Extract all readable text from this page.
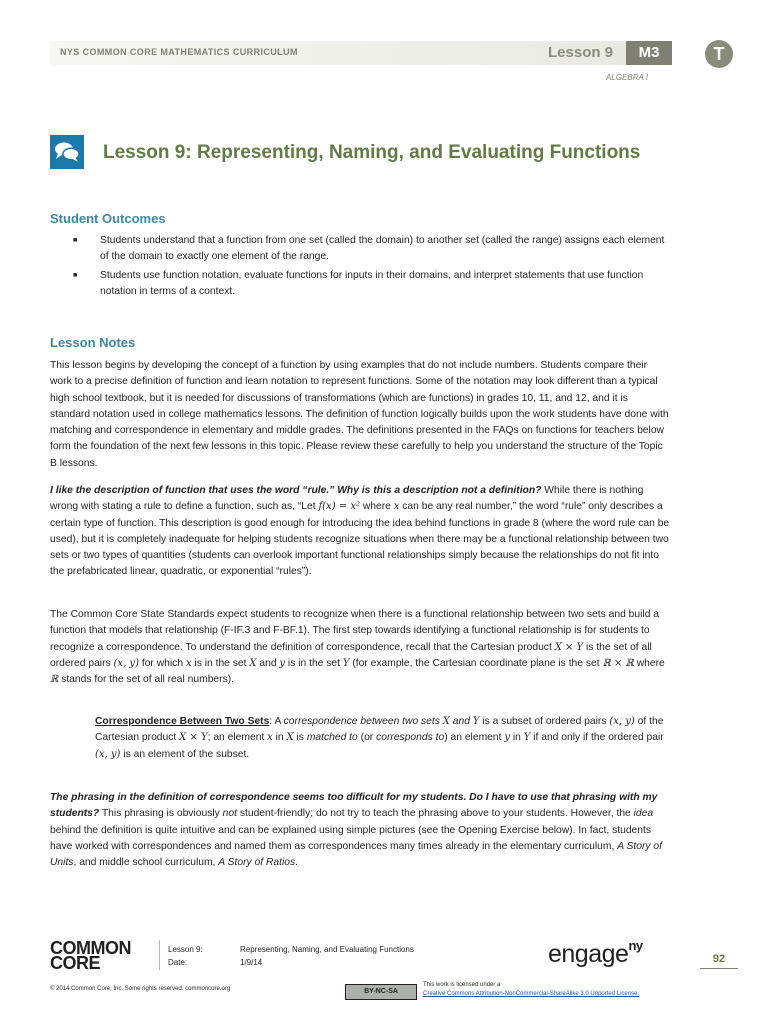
NYS COMMON CORE MATHEMATICS CURRICULUM	Lesson 9	M3	T
ALGEBRA I
Lesson 9: Representing, Naming, and Evaluating Functions
Student Outcomes
■ Students understand that a function from one set (called the domain) to another set (called the range) assigns each element of the domain to exactly one element of the range.
■ Students use function notation, evaluate functions for inputs in their domains, and interpret statements that use function notation in terms of a context.
Lesson Notes
This lesson begins by developing the concept of a function by using examples that do not include numbers. Students compare their work to a precise definition of function and learn notation to represent functions. Some of the notation may look different than a typical high school textbook, but it is needed for discussions of transformations (which are functions) in grades 10, 11, and 12, and it is standard notation used in college mathematics lessons. The definition of function logically builds upon the work students have done with matching and correspondence in elementary and middle grades. The definitions presented in the FAQs on functions for teachers below form the foundation of the next few lessons in this topic. Please review these carefully to help you understand the structure of the Topic B lessons.
I like the description of function that uses the word “rule.” Why is this a description not a definition? While there is nothing wrong with stating a rule to define a function, such as, “Let f(x) = x² where x can be any real number,” the word “rule” only describes a certain type of function. This description is good enough for introducing the idea behind functions in grade 8 (where the word rule can be used), but it is completely inadequate for helping students recognize situations when there may be a functional relationship between two sets or two types of quantities (students can overlook important functional relationships simply because the relationships do not fit into the prefabricated linear, quadratic, or exponential “rules”).
The Common Core State Standards expect students to recognize when there is a functional relationship between two sets and build a function that models that relationship (F-IF.3 and F-BF.1). The first step towards identifying a functional relationship is for students to recognize a correspondence. To understand the definition of correspondence, recall that the Cartesian product X × Y is the set of all ordered pairs (x, y) for which x is in the set X and y is in the set Y (for example, the Cartesian coordinate plane is the set ℝ × ℝ where ℝ stands for the set of all real numbers).
Correspondence Between Two Sets: A correspondence between two sets X and Y is a subset of ordered pairs (x, y) of the Cartesian product X × Y; an element x in X is matched to (or corresponds to) an element y in Y if and only if the ordered pair (x, y) is an element of the subset.
The phrasing in the definition of correspondence seems too difficult for my students. Do I have to use that phrasing with my students? This phrasing is obviously not student-friendly; do not try to teach the phrasing above to your students. However, the idea behind the definition is quite intuitive and can be explained using simple pictures (see the Opening Exercise below). In fact, students have worked with correspondences and named them as correspondences many times already in the elementary curriculum, A Story of Units, and middle school curriculum, A Story of Ratios.
COMMON
CORE
Lesson 9:	Representing, Naming, and Evaluating Functions
Date:	1/9/14	engage$^{ny}$
92
© 2014 Common Core, Inc. Some rights reserved. commoncore.org	BY-NC-SA
This work is licensed under a
Creative Commons Attribution-NonCommercial-ShareAlike 3.0 Unported License.
